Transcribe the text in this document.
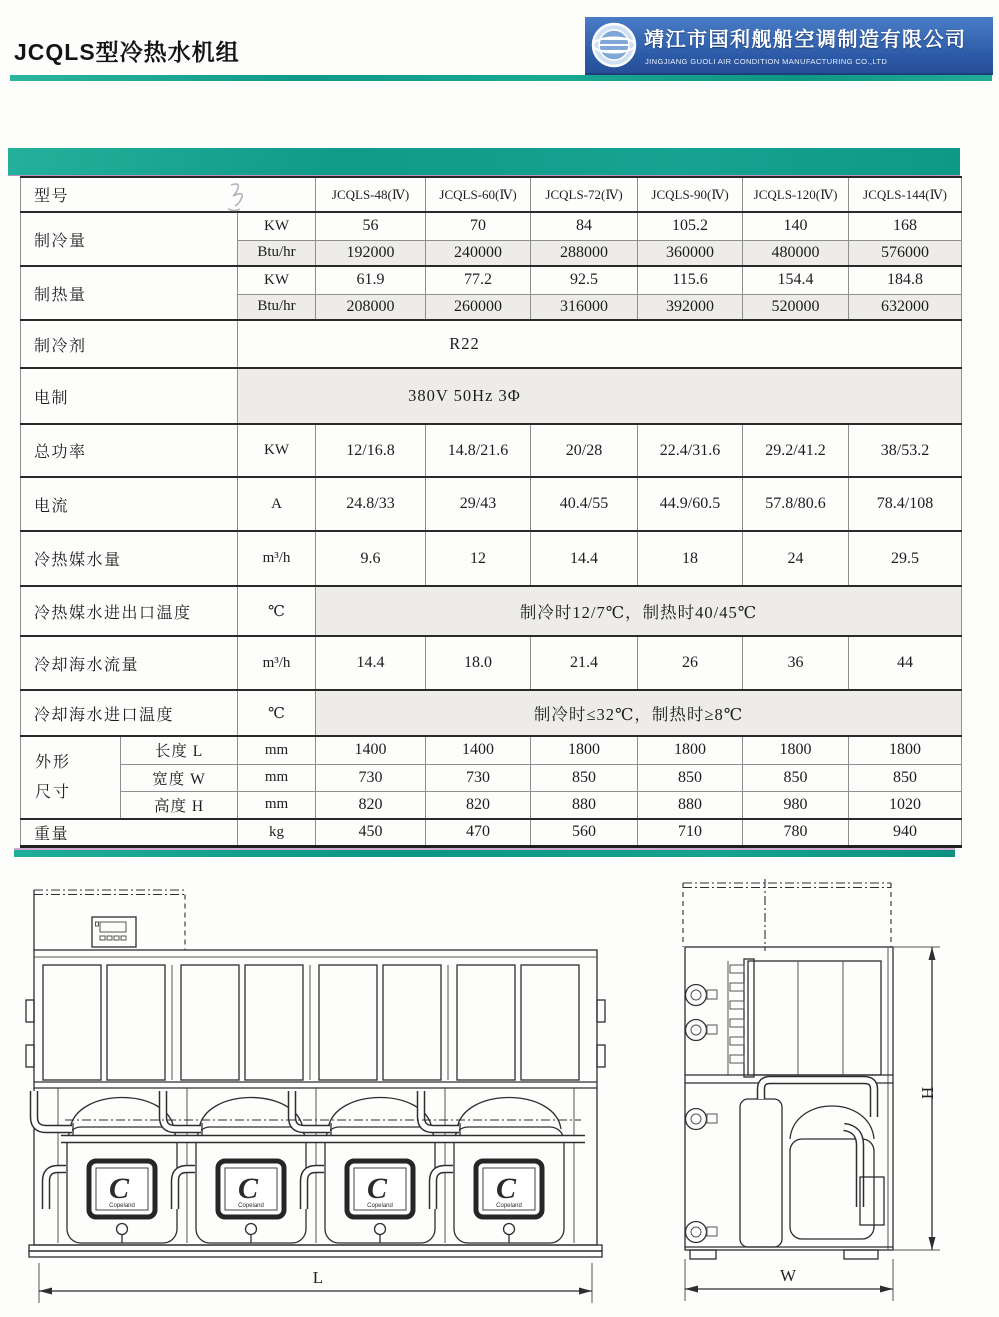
JCQLS型冷热水机组	靖江市国利舰船空调制造有限公司
JINGJIANG GUOLI AIR CONDITION MANUFACTURING CO.,LTD
型号			JCQLS-48(Ⅳ)	JCQLS-60(Ⅳ)	JCQLS-72(Ⅳ)	JCQLS-90(Ⅳ)	JCQLS-120(Ⅳ)	JCQLS-144(Ⅳ)
制冷量		KW	56	70	84	105.2	140	168
		Btu/hr	192000	240000	288000	360000	480000	576000
制热量		KW	61.9	77.2	92.5	115.6	154.4	184.8
		Btu/hr	208000	260000	316000	392000	520000	632000
制冷剂		R22						
电制		380V 50Hz 3Φ						
总功率		KW	12/16.8	14.8/21.6	20/28	22.4/31.6	29.2/41.2	38/53.2
电流		A	24.8/33	29/43	40.4/55	44.9/60.5	57.8/80.6	78.4/108
冷热媒水量		m³/h	9.6	12	14.4	18	24	29.5
冷热媒水进出口温度		℃	制冷时12/7℃，制热时40/45℃					
冷却海水流量		m³/h	14.4	18.0	21.4	26	36	44
冷却海水进口温度		℃	制冷时≤32℃，制热时≥8℃					

外形
尺寸	长度 L	mm	1400	1400	1800	1800	1800	1800
	宽度 W	mm	730	730	850	850	850	850
	高度 H	mm	820	820	880	880	980	1020
重量		kg	450	470	560	710	780	940
C
Copeland
C
Copeland
C
Copeland
C
Copeland
L
H
W
